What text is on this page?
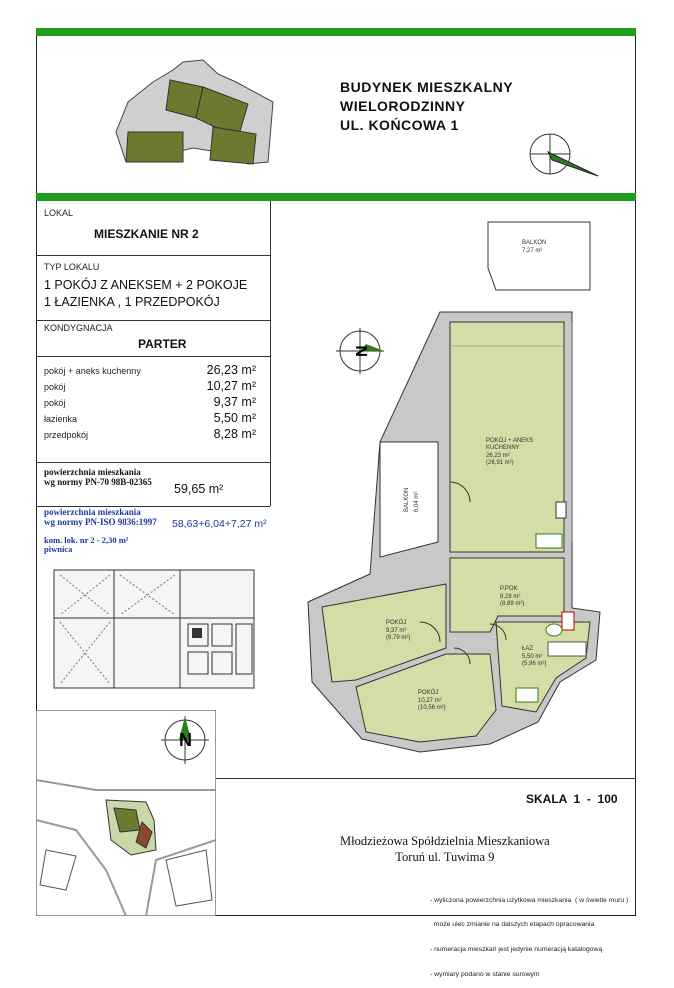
BUDYNEK MIESZKALNY
WIELORODZINNY
UL. KOŃCOWA 1
LOKAL
MIESZKANIE NR 2
TYP LOKALU
1 POKÓJ Z ANEKSEM + 2 POKOJE
1 ŁAZIENKA , 1 PRZEDPOKÓJ
KONDYGNACJA
PARTER
pokój + aneks kuchenny	26,23 m²
pokój	10,27 m²
pokój	9,37 m²
łazienka	5,50 m²
przedpokój	8,28 m²
powierzchnia mieszkania
wg normy PN-70 98B-02365 59,65 m²
powierzchnia mieszkania
wg normy PN-ISO 9836:1997 58,63+6,04+7,27 m²
kom. lok. nr 2 - 2,30 m²
piwnica
N
BALKON
7,27 m²
BALKON 6,04 m²
POKÓJ + ANEKS
KUCHENNY
26,23 m²
(26,91 m²)
P.POK
8,28 m²
(8,89 m²)
POKÓJ
9,37 m²
(9,79 m²)
POKÓJ
10,27 m²
(10,56 m²)
ŁAZ
5,50 m²
(5,96 m²)
N
SKALA  1  -  100
Młodzieżowa Spółdzielnia Mieszkaniowa
Toruń ul. Tuwima 9

- wyliczona powierzchnia użytkowa mieszkania  ( w świetle muru )

może ulec zmianie na dalszych etapach opracowania

- numeracja mieszkań jest jedynie numeracją katalogową

- wymiary podano w stanie surowym
